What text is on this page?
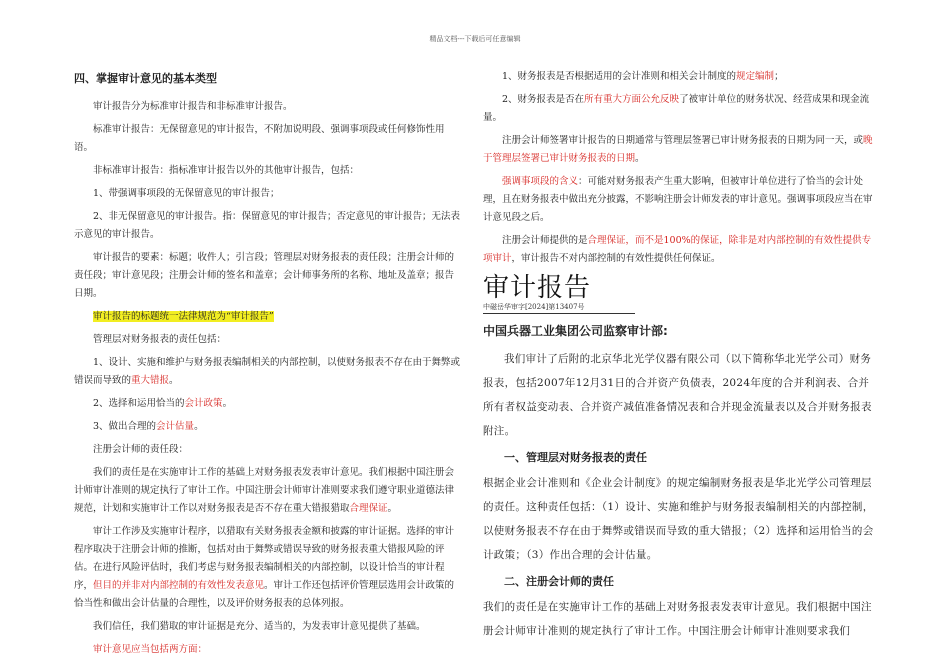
精品文档---下载后可任意编辑
四、掌握审计意见的基本类型

审计报告分为标准审计报告和非标准审计报告。

标准审计报告：无保留意见的审计报告，不附加说明段、强调事项段或任何修饰性用语。

非标准审计报告：指标准审计报告以外的其他审计报告，包括：

1、带强调事项段的无保留意见的审计报告；

2、非无保留意见的审计报告。指：保留意见的审计报告；否定意见的审计报告；无法表示意见的审计报告。

审计报告的要素：标题；收件人；引言段；管理层对财务报表的责任段；注册会计师的责任段；审计意见段；注册会计师的签名和盖章；会计师事务所的名称、地址及盖章；报告日期。

审计报告的标题统一法律规范为“审计报告”

管理层对财务报表的责任包括：

1、设计、实施和维护与财务报表编制相关的内部控制，以使财务报表不存在由于舞弊或错误而导致的重大错报。

2、选择和运用恰当的会计政策。

3、做出合理的会计估量。

注册会计师的责任段：

我们的责任是在实施审计工作的基础上对财务报表发表审计意见。我们根据中国注册会计师审计准则的规定执行了审计工作。中国注册会计师审计准则要求我们遵守职业道德法律规范，计划和实施审计工作以对财务报表是否不存在重大错报猎取合理保证。

审计工作涉及实施审计程序，以猎取有关财务报表金额和披露的审计证据。选择的审计程序取决于注册会计师的推断，包括对由于舞弊或错误导致的财务报表重大错报风险的评估。在进行风险评估时，我们考虑与财务报表编制相关的内部控制，以设计恰当的审计程序，但目的并非对内部控制的有效性发表意见。审计工作还包括评价管理层选用会计政策的恰当性和做出会计估量的合理性，以及评价财务报表的总体列报。

我们信任，我们猎取的审计证据是充分、适当的，为发表审计意见提供了基础。

审计意见应当包括两方面：

1、财务报表是否根据适用的会计准则和相关会计制度的规定编制；

2、财务报表是否在所有重大方面公允反映了被审计单位的财务状况、经营成果和现金流量。

注册会计师签署审计报告的日期通常与管理层签署已审计财务报表的日期为同一天，或晚于管理层签署已审计财务报表的日期。

强调事项段的含义：可能对财务报表产生重大影响，但被审计单位进行了恰当的会计处理，且在财务报表中做出充分披露，不影响注册会计师发表的审计意见。强调事项段应当在审计意见段之后。

注册会计师提供的是合理保证，而不是100%的保证，除非是对内部控制的有效性提供专项审计，审计报告不对内部控制的有效性提供任何保证。

审计报告
中磁岳华审字[2024]第13407号
中国兵器工业集团公司监察审计部:

我们审计了后附的北京华北光学仪器有限公司（以下简称华北光学公司）财务报表，包括2007年12月31日的合并资产负债表，2024年度的合并利润表、合并所有者权益变动表、合并资产减值准备情况表和合并现金流量表以及合并财务报表附注。

一、管理层对财务报表的责任

根据企业会计准则和《企业会计制度》的规定编制财务报表是华北光学公司管理层的责任。这种责任包括：（1）设计、实施和维护与财务报表编制相关的内部控制，以使财务报表不存在由于舞弊或错误而导致的重大错报；（2）选择和运用恰当的会计政策；（3）作出合理的会计估量。

二、注册会计师的责任

我们的责任是在实施审计工作的基础上对财务报表发表审计意见。我们根据中国注册会计师审计准则的规定执行了审计工作。中国注册会计师审计准则要求我们
